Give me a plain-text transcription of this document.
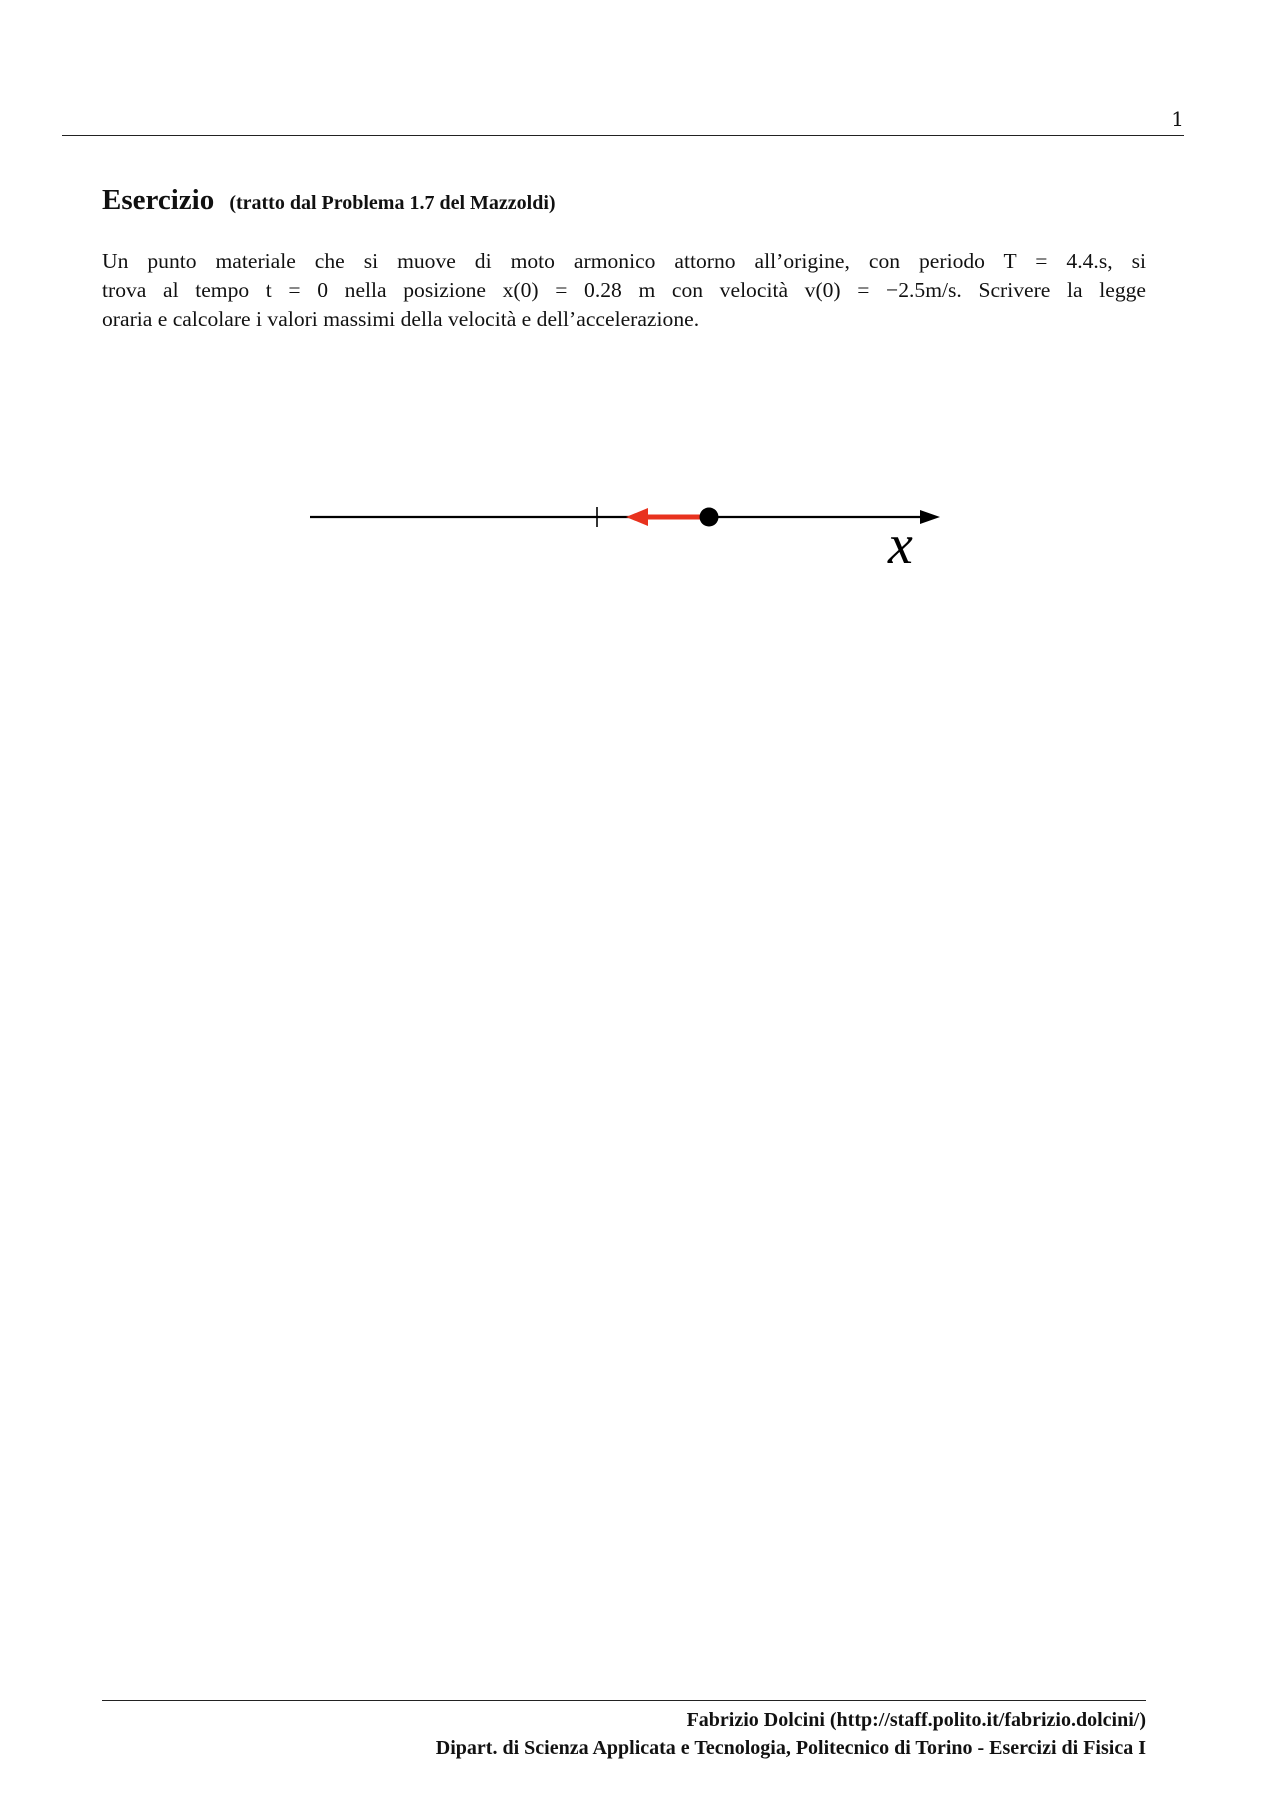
1
Esercizio (tratto dal Problema 1.7 del Mazzoldi)
Un punto materiale che si muove di moto armonico attorno all’origine, con periodo T = 4.4.s, si
trova al tempo t = 0 nella posizione x(0) = 0.28 m con velocità v(0) = −2.5m/s. Scrivere la legge
oraria e calcolare i valori massimi della velocità e dell’accelerazione.
x
Fabrizio Dolcini (http://staff.polito.it/fabrizio.dolcini/)
Dipart. di Scienza Applicata e Tecnologia, Politecnico di Torino - Esercizi di Fisica I
